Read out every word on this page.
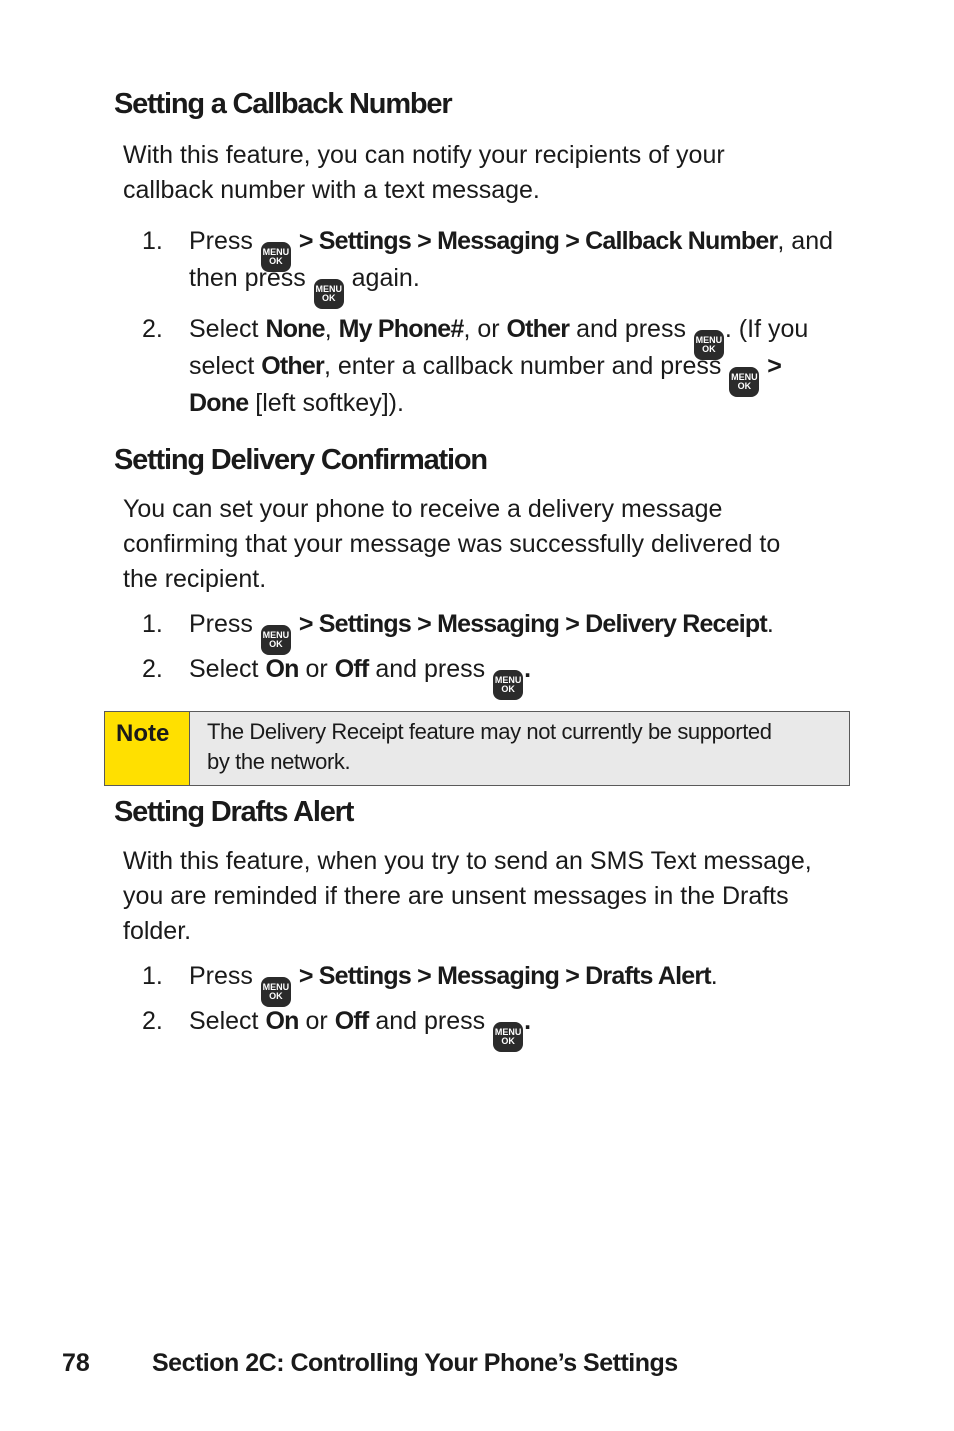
Setting a Callback Number
With this feature, you can notify your recipients of your
callback number with a text message.
1.	Press MENU
OK
> Settings > Messaging > Callback Number, and
then press MENU
OK
again.
2.	Select None, My Phone#, or Other and press MENU
OK
. (If you
select Other, enter a callback number and press MENU
OK
>
Done [left softkey]).
Setting Delivery Confirmation
You can set your phone to receive a delivery message
confirming that your message was successfully delivered to
the recipient.
1.	Press MENU
OK
> Settings > Messaging > Delivery Receipt.
2.	Select On or Off and press MENU
OK
.
Note	The Delivery Receipt feature may not currently be supported
by the network.
Setting Drafts Alert
With this feature, when you try to send an SMS Text message,
you are reminded if there are unsent messages in the Drafts
folder.
1.	Press MENU
OK
> Settings > Messaging > Drafts Alert.
2.	Select On or Off and press MENU
OK
.
78 Section 2C: Controlling Your Phone’s Settings
